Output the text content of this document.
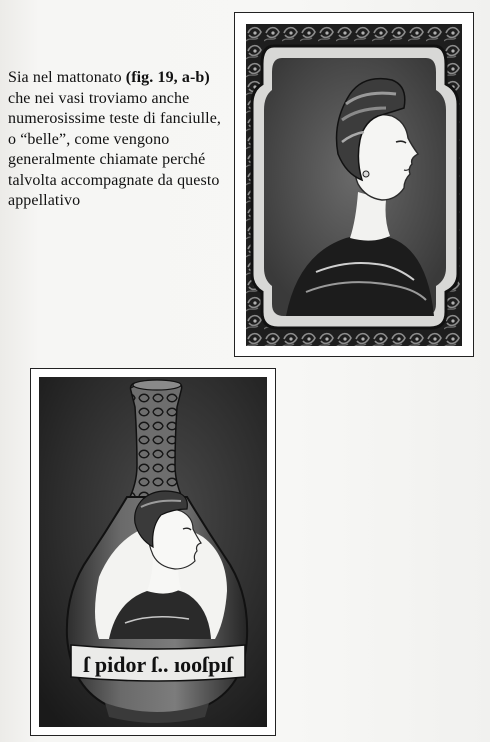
Sia nel mattonato (fig. 19, a-b) che nei vasi troviamo anche numerosissime teste di fanciulle, o “belle”, come vengono generalmente chiamate perché talvolta accompagnate da questo appellativo

ſ pidor ſ.. ıooſpıſ
